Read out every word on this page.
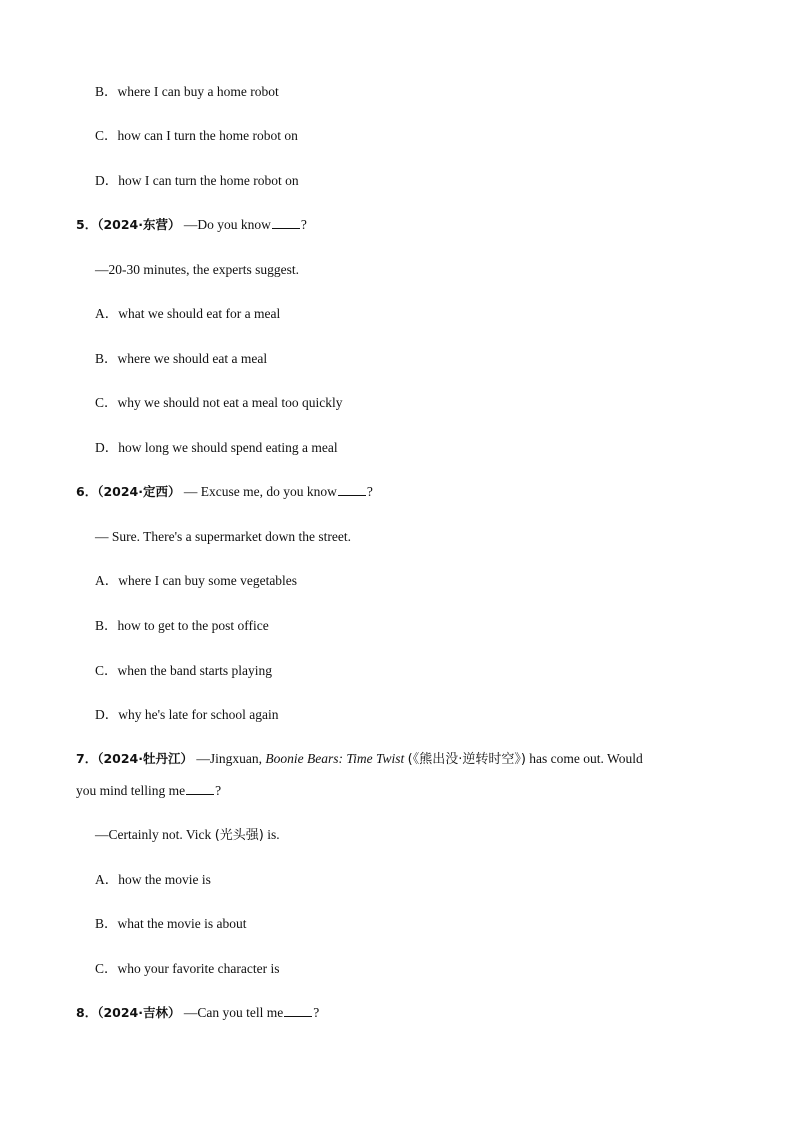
B．where I can buy a home robot
C．how can I turn the home robot on
D．how I can turn the home robot on
5．（2024·东营） —Do you know ?
—20-30 minutes, the experts suggest.
A．what we should eat for a meal
B．where we should eat a meal
C．why we should not eat a meal too quickly
D．how long we should spend eating a meal
6．（2024·定西） — Excuse me, do you know ?
— Sure. There's a supermarket down the street.
A．where I can buy some vegetables
B．how to get to the post office
C．when the band starts playing
D．why he's late for school again
7．（2024·牡丹江） —Jingxuan, Boonie Bears: Time Twist (《熊出没·逆转时空》) has come out. Would
you mind telling me ?
—Certainly not. Vick (光头强) is.
A．how the movie is
B．what the movie is about
C．who your favorite character is
8．（2024·吉林） —Can you tell me ?
